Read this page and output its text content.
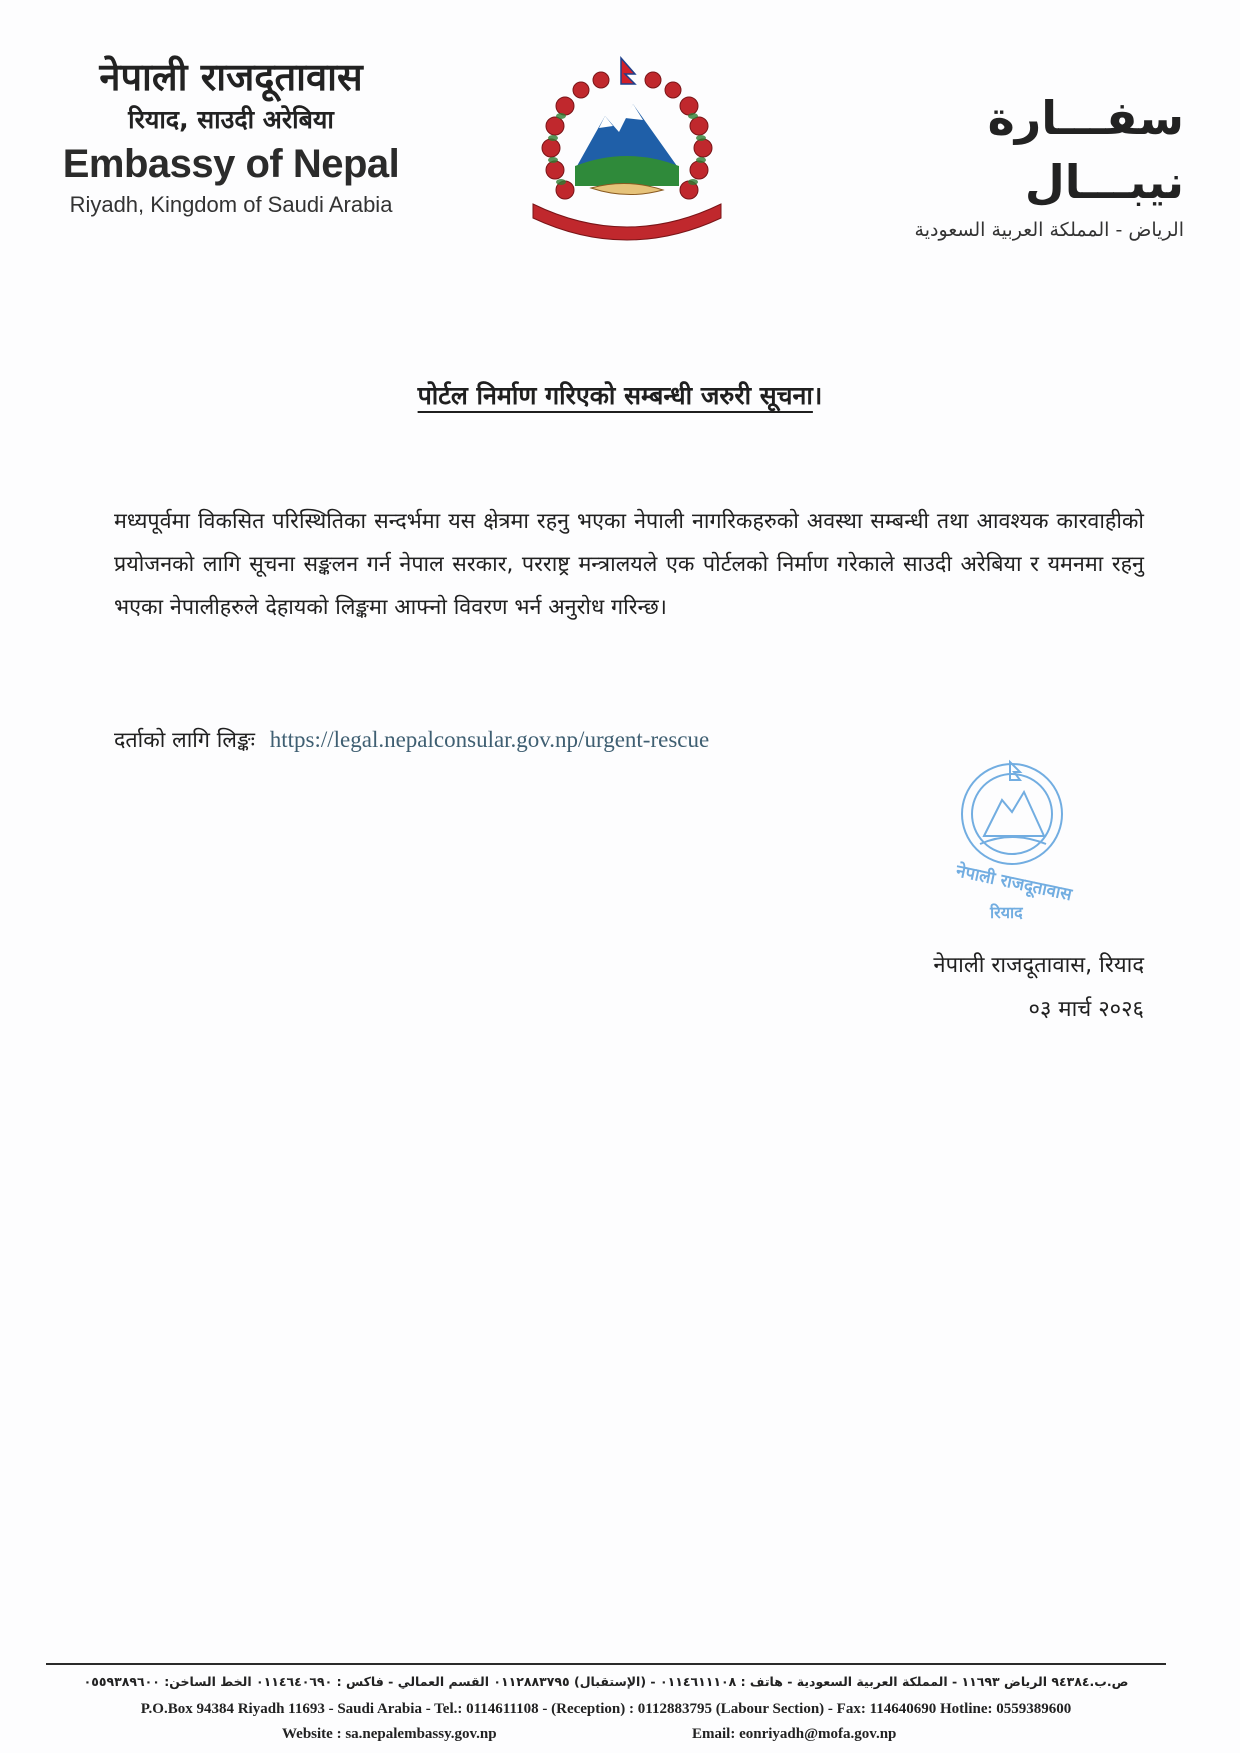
नेपाली राजदूतावास
रियाद, साउदी अरेबिया
Embassy of Nepal
Riyadh, Kingdom of Saudi Arabia
سفـــارة نيبـــال
الرياض - المملكة العربية السعودية
पोर्टल निर्माण गरिएको सम्बन्धी जरुरी सूचना।

मध्यपूर्वमा विकसित परिस्थितिका सन्दर्भमा यस क्षेत्रमा रहनु भएका नेपाली नागरिकहरुको अवस्था सम्बन्धी तथा आवश्यक कारवाहीको प्रयोजनको लागि सूचना सङ्कलन गर्न नेपाल सरकार, परराष्ट्र मन्त्रालयले एक पोर्टलको निर्माण गरेकाले साउदी अरेबिया र यमनमा रहनु भएका नेपालीहरुले देहायको लिङ्कमा आफ्नो विवरण भर्न अनुरोध गरिन्छ।

दर्ताको लागि लिङ्कः https://legal.nepalconsular.gov.np/urgent-rescue
नेपाली राजदूतावास
रियाद
नेपाली राजदूतावास, रियाद
०३ मार्च २०२६
ص.ب.٩٤٣٨٤ الرياض ١١٦٩٣ - المملكة العربية السعودية - هاتف : ٠١١٤٦١١١٠٨ - (الإستقبال) ٠١١٢٨٨٣٧٩٥ القسم العمالي - فاكس : ٠١١٤٦٤٠٦٩٠ الخط الساخن: ٠٥٥٩٣٨٩٦٠٠
P.O.Box 94384 Riyadh 11693 - Saudi Arabia - Tel.: 0114611108 - (Reception) : 0112883795 (Labour Section) - Fax: 114640690 Hotline: 0559389600
Website : sa.nepalembassy.gov.np	Email: eonriyadh@mofa.gov.np
